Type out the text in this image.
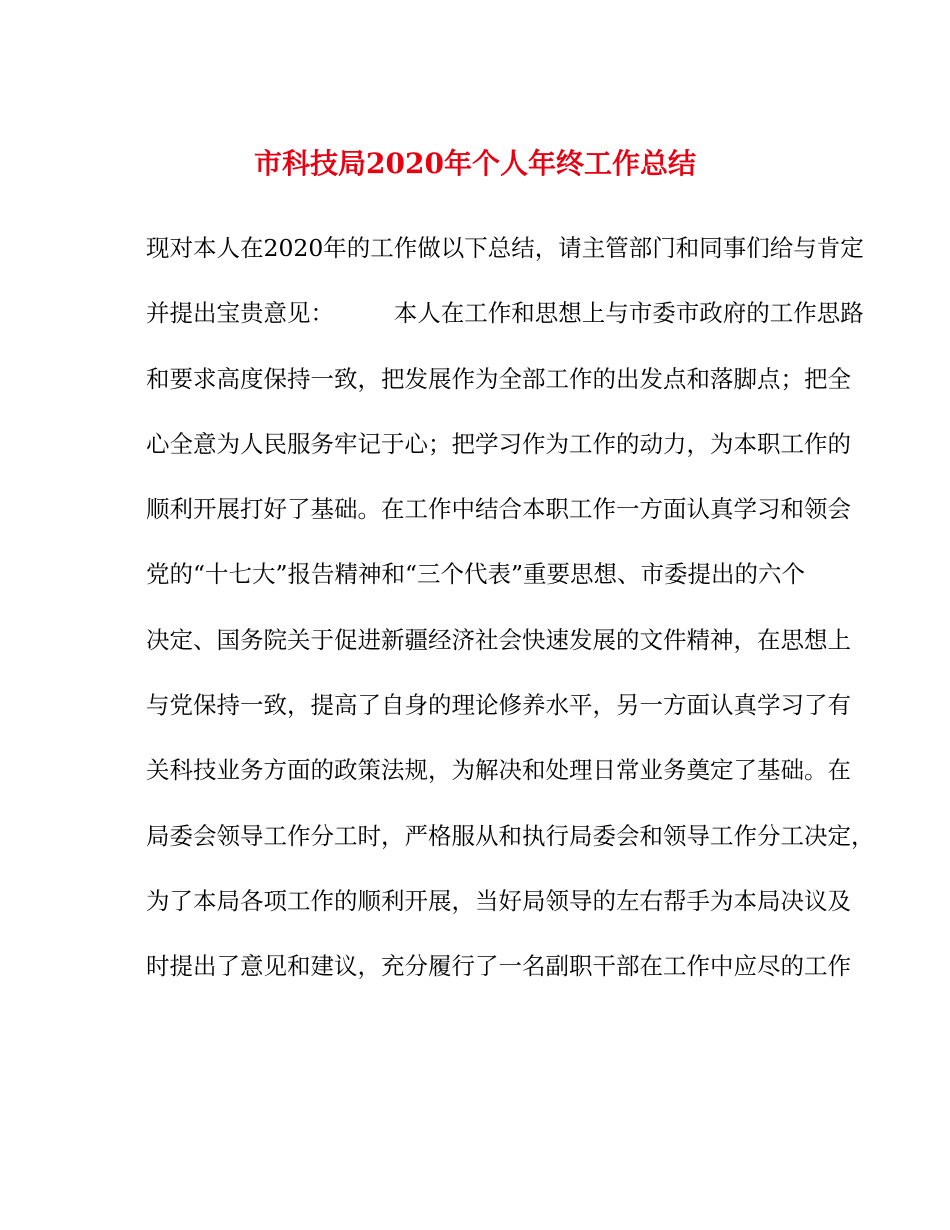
市科技局2020年个人年终工作总结
现对本人在2020年的工作做以下总结，请主管部门和同事们给与肯定
并提出宝贵意见：        本人在工作和思想上与市委市政府的工作思路
和要求高度保持一致，把发展作为全部工作的出发点和落脚点；把全
心全意为人民服务牢记于心；把学习作为工作的动力，为本职工作的
顺利开展打好了基础。在工作中结合本职工作一方面认真学习和领会
党的“十七大”报告精神和“三个代表”重要思想、市委提出的六个
决定、国务院关于促进新疆经济社会快速发展的文件精神，在思想上
与党保持一致，提高了自身的理论修养水平，另一方面认真学习了有
关科技业务方面的政策法规，为解决和处理日常业务奠定了基础。在
局委会领导工作分工时，严格服从和执行局委会和领导工作分工决定，
为了本局各项工作的顺利开展，当好局领导的左右帮手为本局决议及
时提出了意见和建议，充分履行了一名副职干部在工作中应尽的工作
